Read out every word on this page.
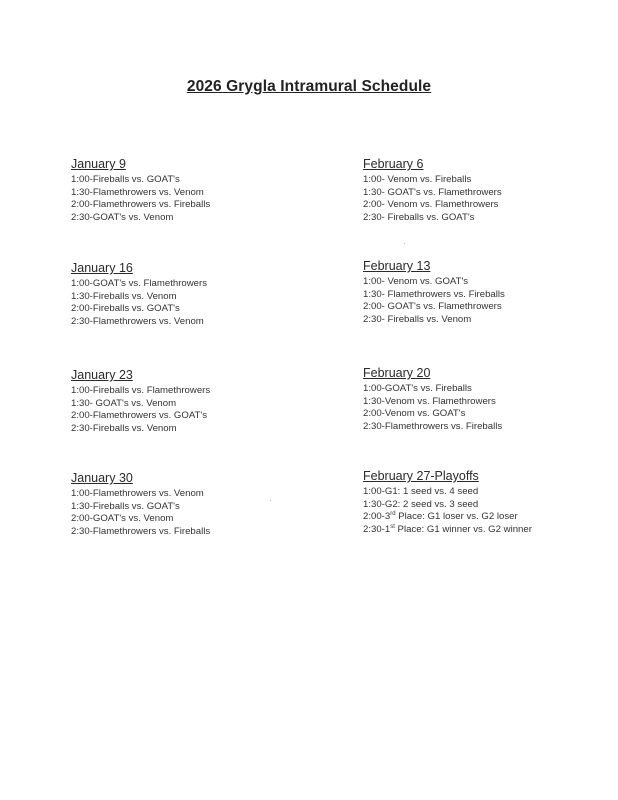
2026 Grygla Intramural Schedule
January 9
1:00-Fireballs vs. GOAT's
1:30-Flamethrowers vs. Venom
2:00-Flamethrowers vs. Fireballs
2:30-GOAT's vs. Venom
January 16
1:00-GOAT's vs. Flamethrowers
1:30-Fireballs vs. Venom
2:00-Fireballs vs. GOAT's
2:30-Flamethrowers vs. Venom
January 23
1:00-Fireballs vs. Flamethrowers
1:30- GOAT's vs. Venom
2:00-Flamethrowers vs. GOAT's
2:30-Fireballs vs. Venom
January 30
1:00-Flamethrowers vs. Venom
1:30-Fireballs vs. GOAT's
2:00-GOAT's vs. Venom
2:30-Flamethrowers vs. Fireballs
February 6
1:00- Venom vs. Fireballs
1:30- GOAT's vs. Flamethrowers
2:00- Venom vs. Flamethrowers
2:30- Fireballs vs. GOAT's
February 13
1:00- Venom vs. GOAT's
1:30- Flamethrowers vs. Fireballs
2:00- GOAT's vs. Flamethrowers
2:30- Fireballs vs. Venom
February 20
1:00-GOAT's vs. Fireballs
1:30-Venom vs. Flamethrowers
2:00-Venom vs. GOAT's
2:30-Flamethrowers vs. Fireballs
February 27-Playoffs
1:00-G1: 1 seed vs. 4 seed
1:30-G2: 2 seed vs. 3 seed
2:00-3rd Place: G1 loser vs. G2 loser
2:30-1st Place: G1 winner vs. G2 winner
